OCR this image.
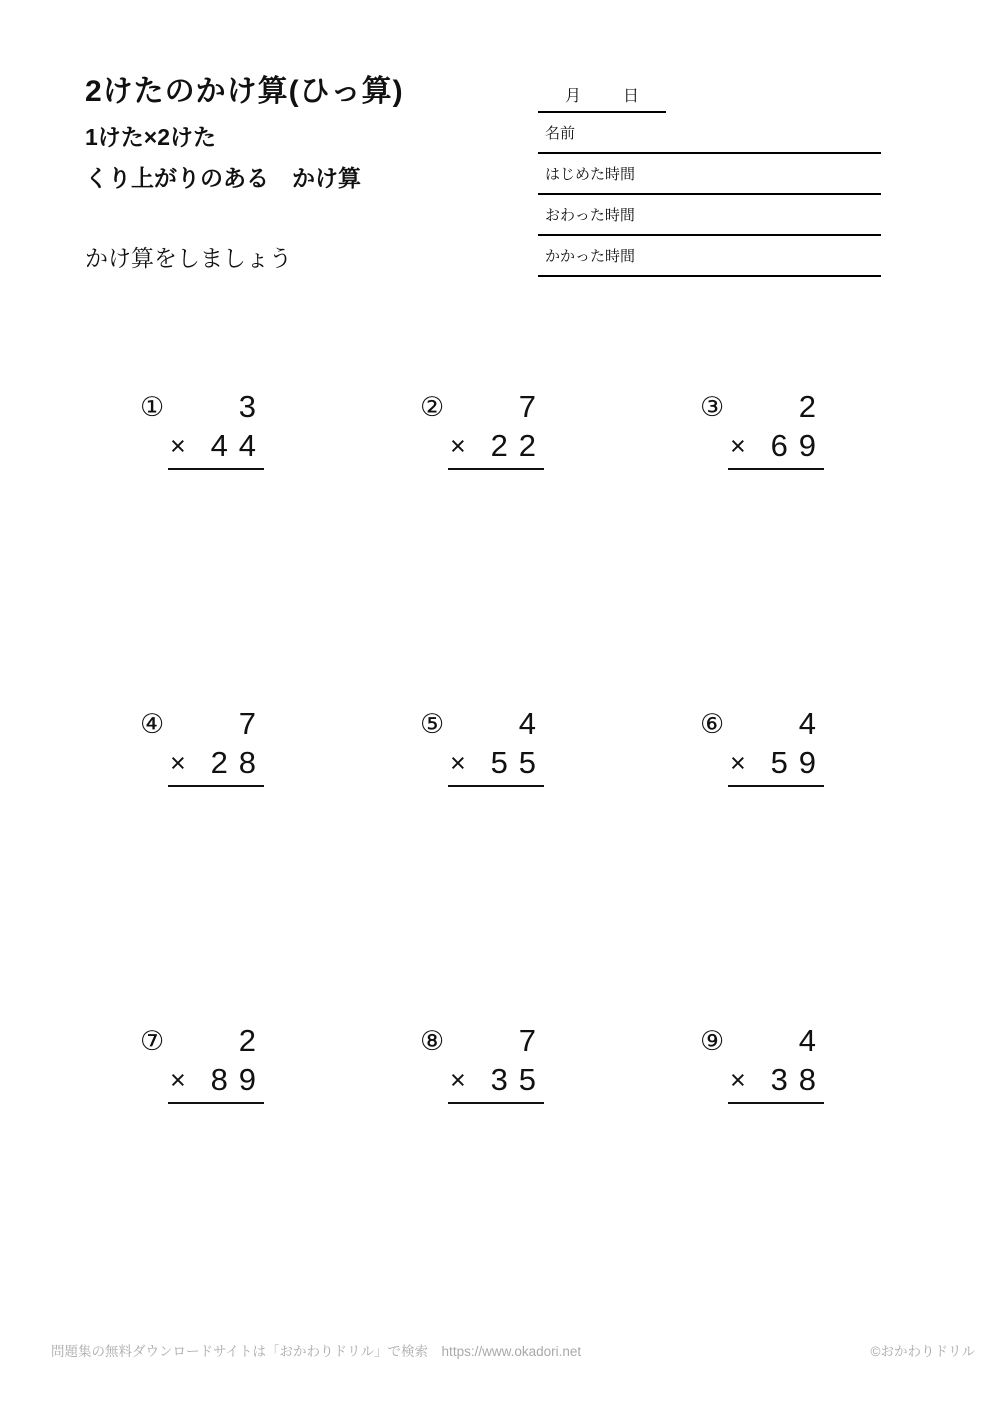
2けたのかけ算(ひっ算)
1けた×2けた
くり上がりのある　かけ算
かけ算をしましょう
月	日
名前
はじめた時間
おわった時間
かかった時間
①	3
× 44
②	7
× 22
③	2
× 69
④	7
× 28
⑤	4
× 55
⑥	4
× 59
⑦	2
× 89
⑧	7
× 35
⑨	4
× 38
問題集の無料ダウンロードサイトは「おかわりドリル」で検索　https://www.okadori.net	©おかわりドリル
